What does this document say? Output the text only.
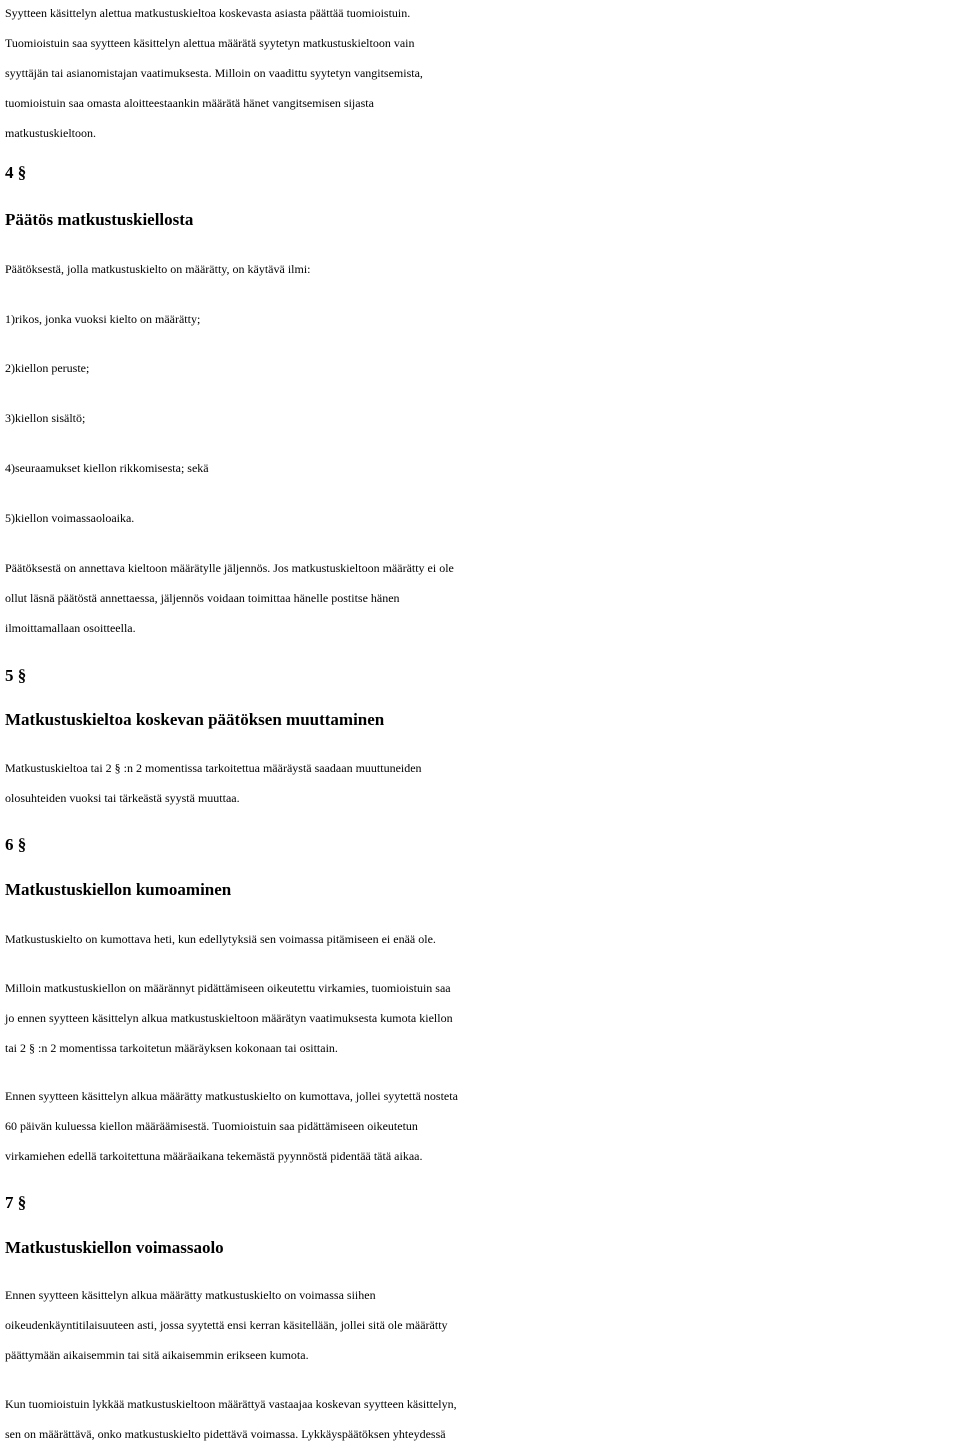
Syytteen käsittelyn alettua matkustuskieltoa koskevasta asiasta päättää tuomioistuin.
Tuomioistuin saa syytteen käsittelyn alettua määrätä syytetyn matkustuskieltoon vain
syyttäjän tai asianomistajan vaatimuksesta. Milloin on vaadittu syytetyn vangitsemista,
tuomioistuin saa omasta aloitteestaankin määrätä hänet vangitsemisen sijasta
matkustuskieltoon.
4 §
Päätös matkustuskiellosta
Päätöksestä, jolla matkustuskielto on määrätty, on käytävä ilmi:
1)rikos, jonka vuoksi kielto on määrätty;
2)kiellon peruste;
3)kiellon sisältö;
4)seuraamukset kiellon rikkomisesta; sekä
5)kiellon voimassaoloaika.
Päätöksestä on annettava kieltoon määrätylle jäljennös. Jos matkustuskieltoon määrätty ei ole
ollut läsnä päätöstä annettaessa, jäljennös voidaan toimittaa hänelle postitse hänen
ilmoittamallaan osoitteella.
5 §
Matkustuskieltoa koskevan päätöksen muuttaminen
Matkustuskieltoa tai 2 § :n 2 momentissa tarkoitettua määräystä saadaan muuttuneiden
olosuhteiden vuoksi tai tärkeästä syystä muuttaa.
6 §
Matkustuskiellon kumoaminen
Matkustuskielto on kumottava heti, kun edellytyksiä sen voimassa pitämiseen ei enää ole.
Milloin matkustuskiellon on määrännyt pidättämiseen oikeutettu virkamies, tuomioistuin saa
jo ennen syytteen käsittelyn alkua matkustuskieltoon määrätyn vaatimuksesta kumota kiellon
tai 2 § :n 2 momentissa tarkoitetun määräyksen kokonaan tai osittain.
Ennen syytteen käsittelyn alkua määrätty matkustuskielto on kumottava, jollei syytettä nosteta
60 päivän kuluessa kiellon määräämisestä. Tuomioistuin saa pidättämiseen oikeutetun
virkamiehen edellä tarkoitettuna määräaikana tekemästä pyynnöstä pidentää tätä aikaa.
7 §
Matkustuskiellon voimassaolo
Ennen syytteen käsittelyn alkua määrätty matkustuskielto on voimassa siihen
oikeudenkäyntitilaisuuteen asti, jossa syytettä ensi kerran käsitellään, jollei sitä ole määrätty
päättymään aikaisemmin tai sitä aikaisemmin erikseen kumota.
Kun tuomioistuin lykkää matkustuskieltoon määrättyä vastaajaa koskevan syytteen käsittelyn,
sen on määrättävä, onko matkustuskielto pidettävä voimassa. Lykkäyspäätöksen yhteydessä
